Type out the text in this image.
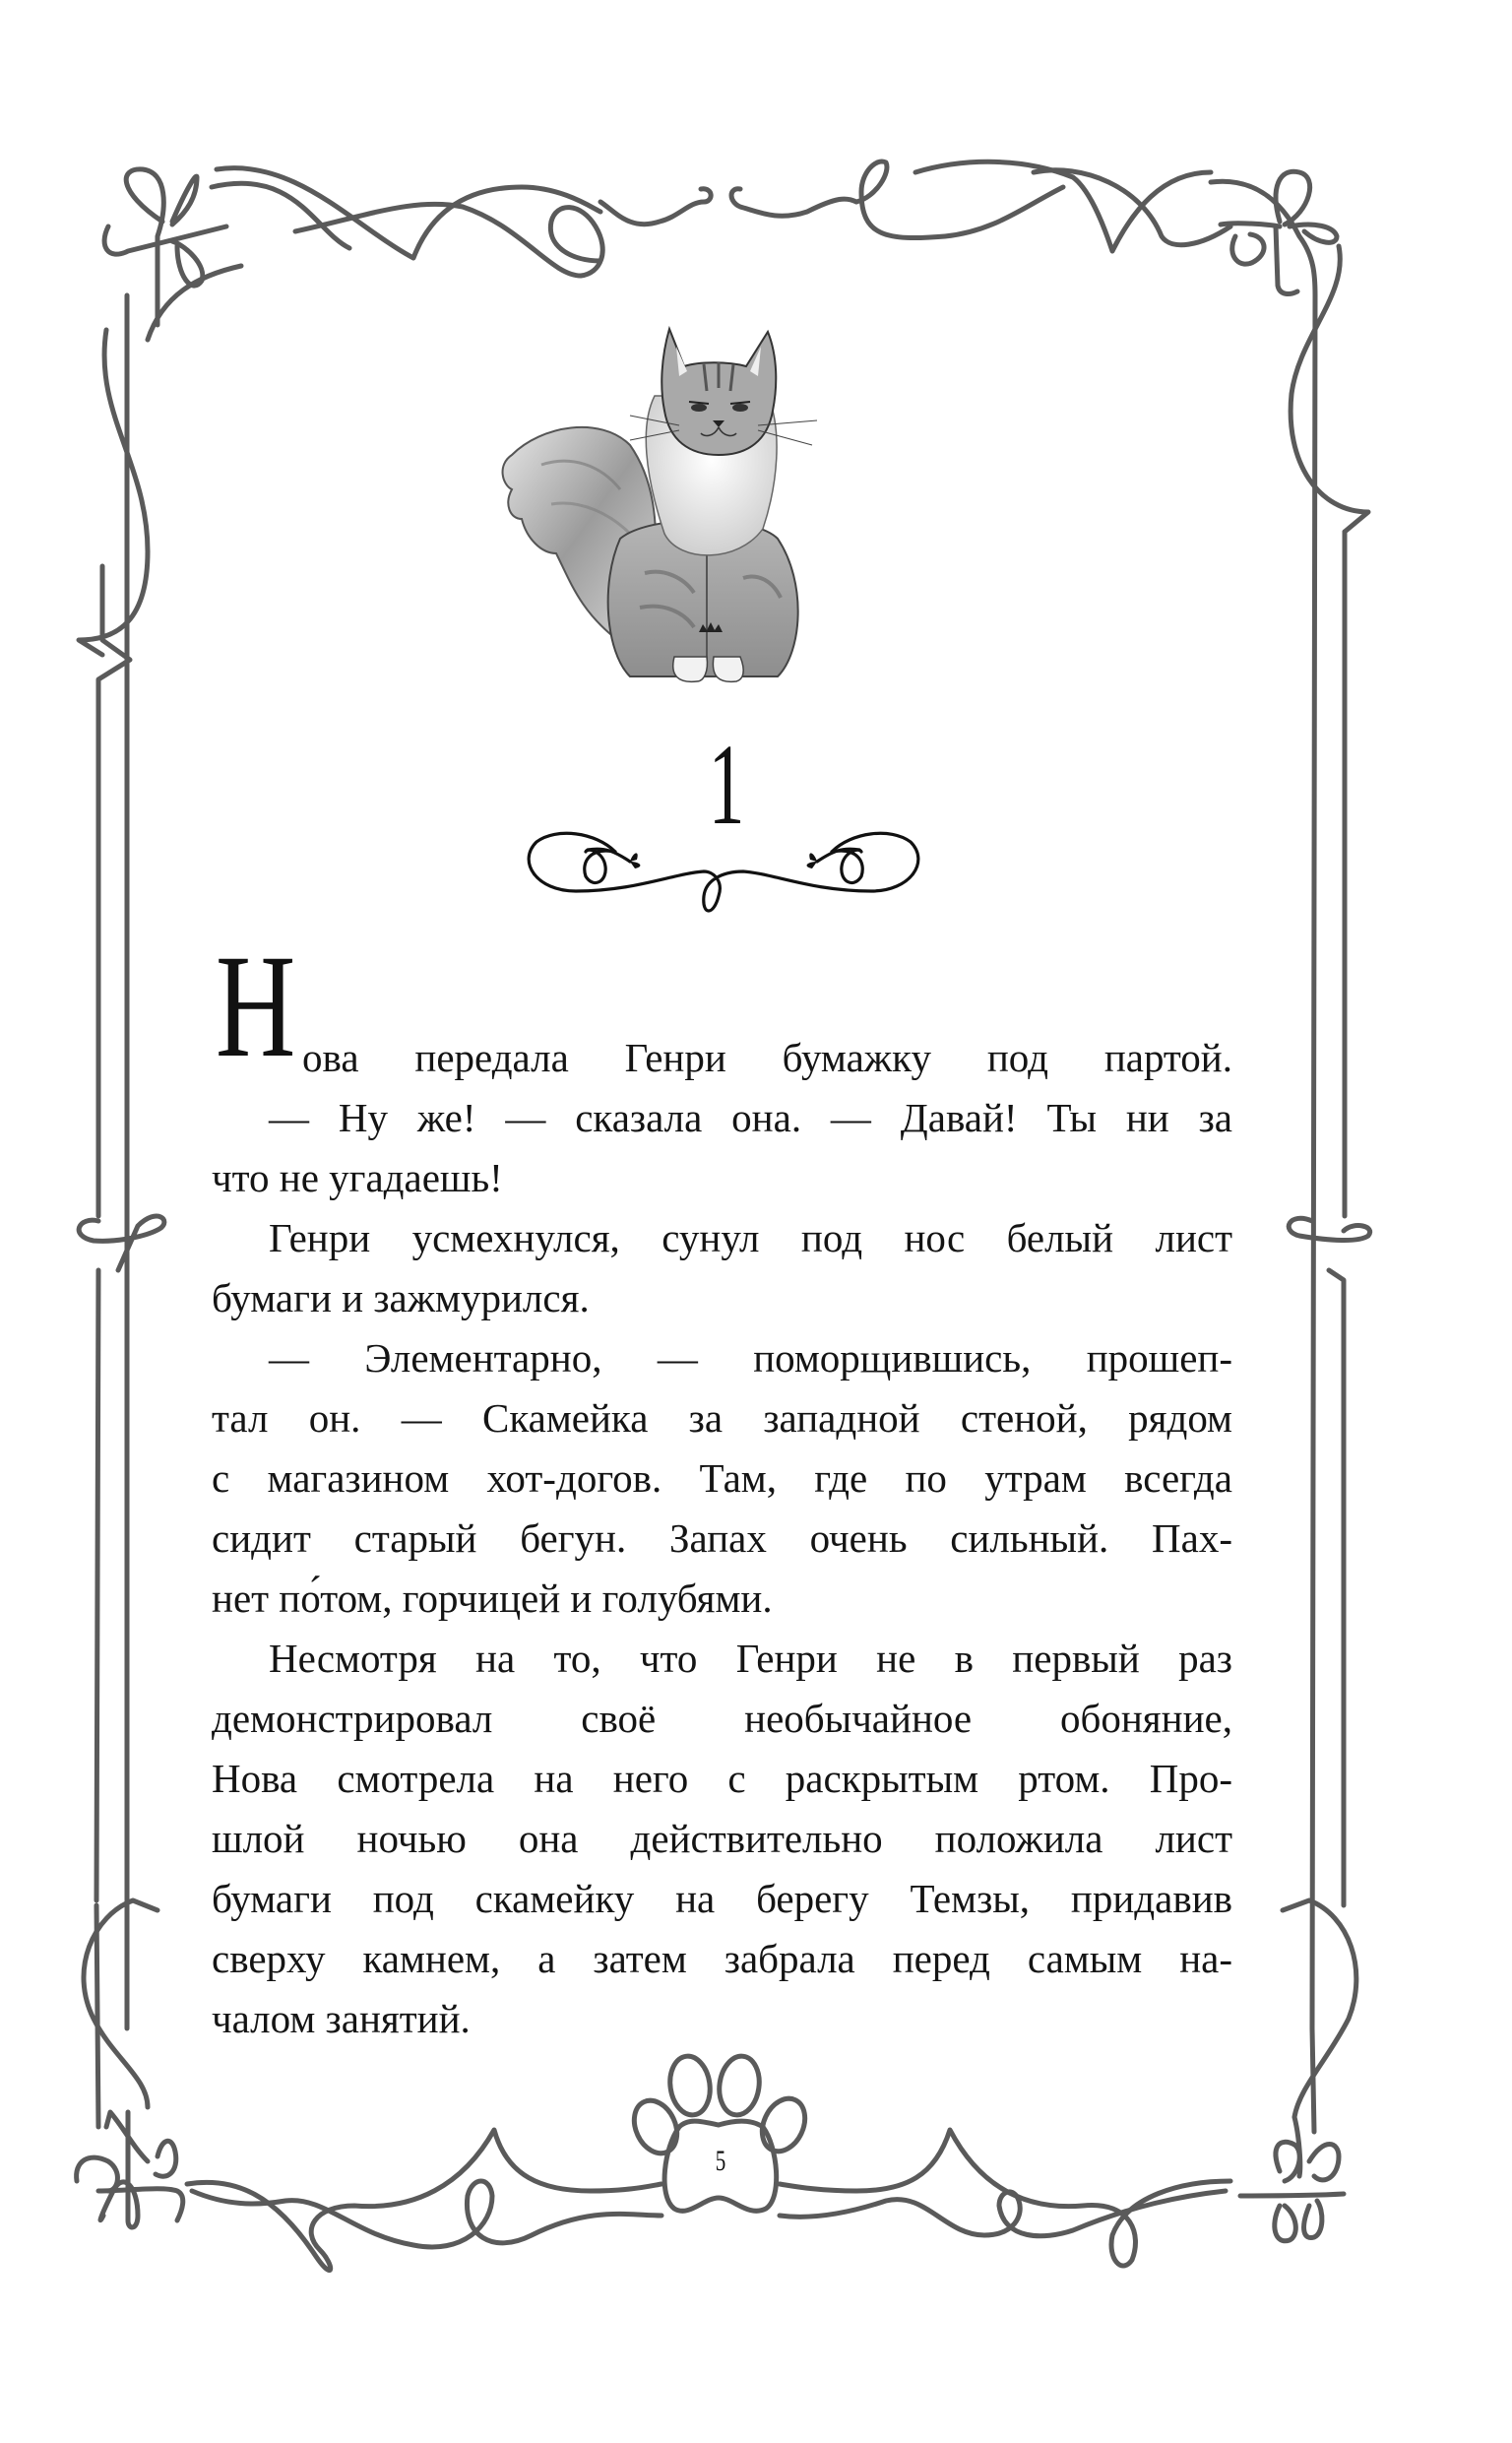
1
Н ова передала Генри бумажку под партой.
— Ну же! — сказала она. — Давай! Ты ни за
что не угадаешь!
Генри усмехнулся, сунул под нос белый лист
бумаги и зажмурился.
— Элементарно, — поморщившись, прошеп-
тал он. — Скамейка за западной стеной, рядом
с магазином хот-догов. Там, где по утрам всегда
сидит старый бегун. Запах очень сильный. Пах-
нет по́том, горчицей и голубями.
Несмотря на то, что Генри не в первый раз
демонстрировал своё необычайное обоняние,
Нова смотрела на него с раскрытым ртом. Про-
шлой ночью она действительно положила лист
бумаги под скамейку на берегу Темзы, придавив
сверху камнем, а затем забрала перед самым на-
чалом занятий.
5
